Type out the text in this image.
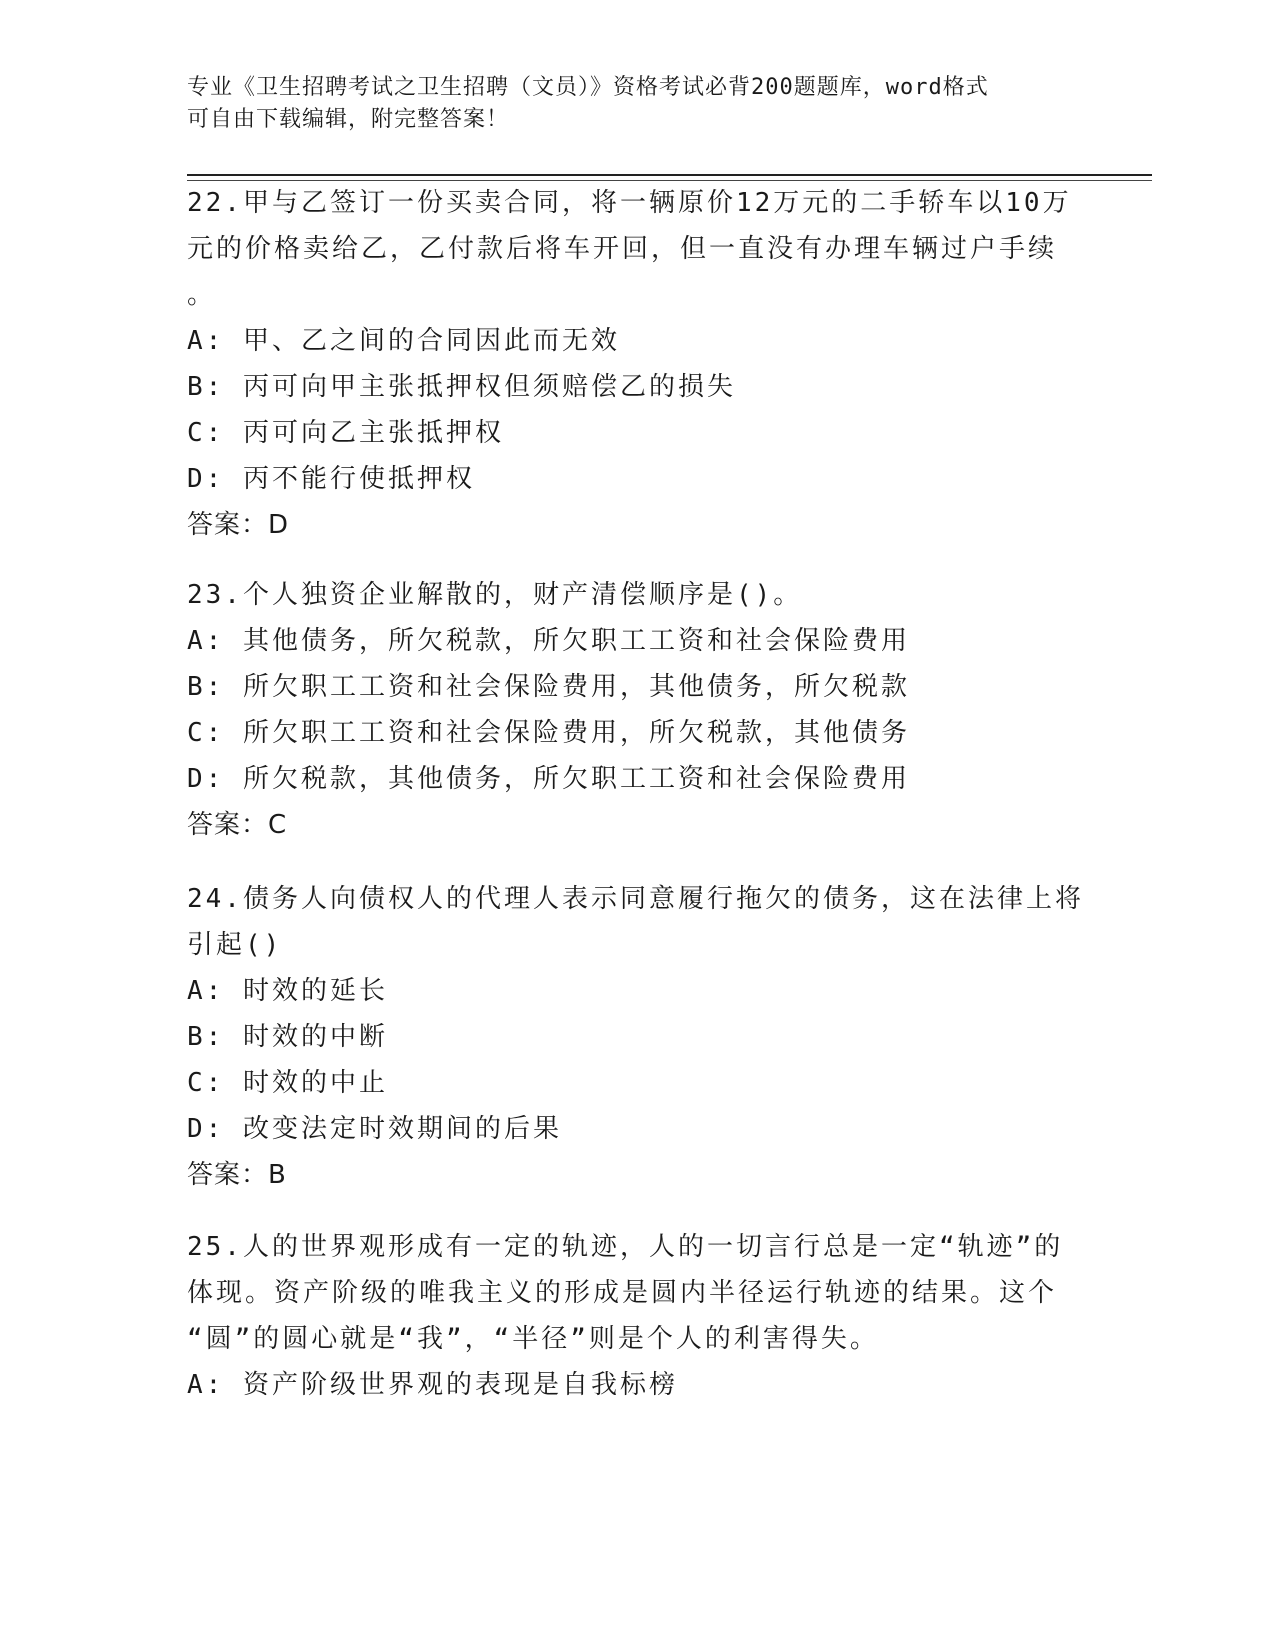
专业《卫生招聘考试之卫生招聘（文员）》资格考试必背200题题库，word格式
可自由下载编辑，附完整答案！
22.甲与乙签订一份买卖合同，将一辆原价12万元的二手轿车以10万
元的价格卖给乙，乙付款后将车开回，但一直没有办理车辆过户手续
。
A: 甲、乙之间的合同因此而无效
B: 丙可向甲主张抵押权但须赔偿乙的损失
C: 丙可向乙主张抵押权
D: 丙不能行使抵押权
答案：D
23.个人独资企业解散的，财产清偿顺序是()。
A: 其他债务，所欠税款，所欠职工工资和社会保险费用
B: 所欠职工工资和社会保险费用，其他债务，所欠税款
C: 所欠职工工资和社会保险费用，所欠税款，其他债务
D: 所欠税款，其他债务，所欠职工工资和社会保险费用
答案：C
24.债务人向债权人的代理人表示同意履行拖欠的债务，这在法律上将
引起()
A: 时效的延长
B: 时效的中断
C: 时效的中止
D: 改变法定时效期间的后果
答案：B
25.人的世界观形成有一定的轨迹，人的一切言行总是一定“轨迹”的
体现。资产阶级的唯我主义的形成是圆内半径运行轨迹的结果。这个
“圆”的圆心就是“我”，“半径”则是个人的利害得失。
A: 资产阶级世界观的表现是自我标榜
